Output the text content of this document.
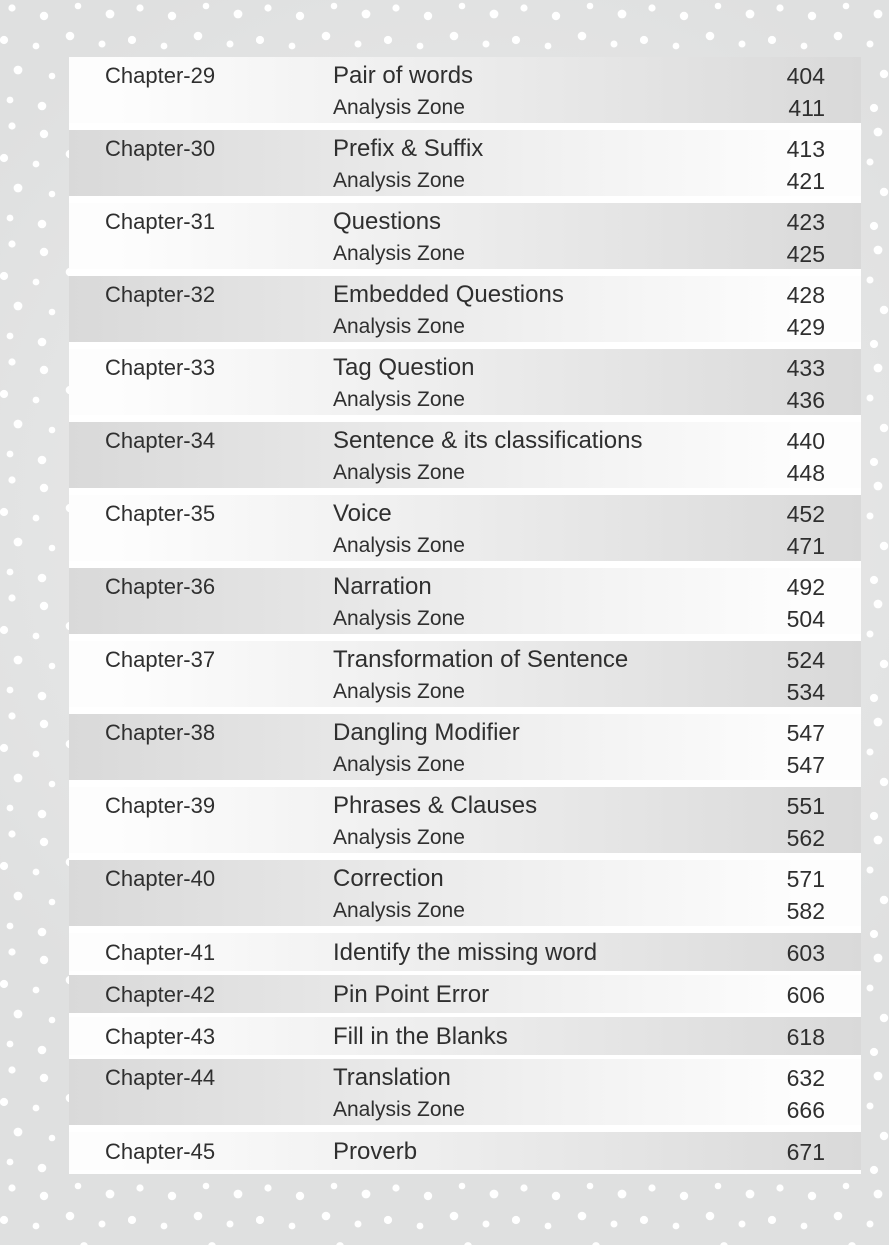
Chapter-29	Pair of words	404
Analysis Zone	411
Chapter-30	Prefix & Suffix	413
Analysis Zone	421
Chapter-31	Questions	423
Analysis Zone	425
Chapter-32	Embedded Questions	428
Analysis Zone	429
Chapter-33	Tag Question	433
Analysis Zone	436
Chapter-34	Sentence & its classifications	440
Analysis Zone	448
Chapter-35	Voice	452
Analysis Zone	471
Chapter-36	Narration	492
Analysis Zone	504
Chapter-37	Transformation of Sentence	524
Analysis Zone	534
Chapter-38	Dangling Modifier	547
Analysis Zone	547
Chapter-39	Phrases & Clauses	551
Analysis Zone	562
Chapter-40	Correction	571
Analysis Zone	582
Chapter-41	Identify the missing word	603
Chapter-42	Pin Point Error	606
Chapter-43	Fill in the Blanks	618
Chapter-44	Translation	632
Analysis Zone	666
Chapter-45	Proverb	671
